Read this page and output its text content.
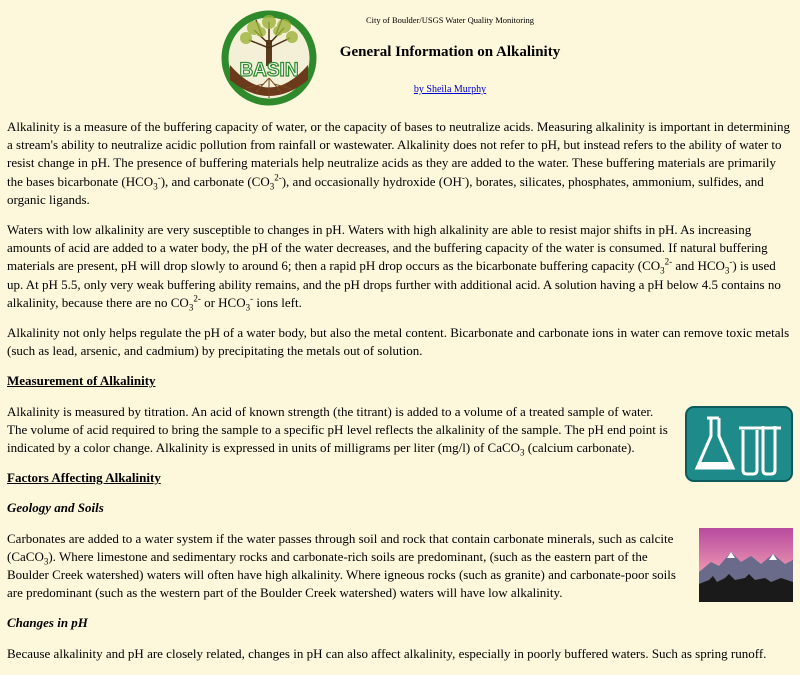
BASIN
City of Boulder/USGS Water Quality Monitoring
General Information on Alkalinity
by Sheila Murphy

Alkalinity is a measure of the buffering capacity of water, or the capacity of bases to neutralize acids. Measuring alkalinity is important in determining a stream's ability to neutralize acidic pollution from rainfall or wastewater. Alkalinity does not refer to pH, but instead refers to the ability of water to resist change in pH. The presence of buffering materials help neutralize acids as they are added to the water. These buffering materials are primarily the bases bicarbonate $(HCO_3^-)$, and carbonate $(CO_3^{2-})$, and occasionally hydroxide (OH-), borates, silicates, phosphates, ammonium, sulfides, and organic ligands.

Waters with low alkalinity are very susceptible to changes in pH. Waters with high alkalinity are able to resist major shifts in pH. As increasing amounts of acid are added to a water body, the pH of the water decreases, and the buffering capacity of the water is consumed. If natural buffering materials are present, pH will drop slowly to around 6; then a rapid pH drop occurs as the bicarbonate buffering capacity ($CO_3^{2-}$ and $HCO_3^-$) is used up. At pH 5.5, only very weak buffering ability remains, and the pH drops further with additional acid. A solution having a pH below 4.5 contains no alkalinity, because there are no $CO_3^{2-}$ or $HCO_3^-$ ions left.

Alkalinity not only helps regulate the pH of a water body, but also the metal content. Bicarbonate and carbonate ions in water can remove toxic metals (such as lead, arsenic, and cadmium) by precipitating the metals out of solution.

Measurement of Alkalinity

Alkalinity is measured by titration. An acid of known strength (the titrant) is added to a volume of a treated sample of water. The volume of acid required to bring the sample to a specific pH level reflects the alkalinity of the sample. The pH end point is indicated by a color change. Alkalinity is expressed in units of milligrams per liter (mg/l) of CaCO$_3$ (calcium carbonate).

Factors Affecting Alkalinity
Geology and Soils

Carbonates are added to a water system if the water passes through soil and rock that contain carbonate minerals, such as calcite (CaCO$_3$). Where limestone and sedimentary rocks and carbonate-rich soils are predominant, (such as the eastern part of the Boulder Creek watershed) waters will often have high alkalinity. Where igneous rocks (such as granite) and carbonate-poor soils are predominant (such as the western part of the Boulder Creek watershed) waters will have low alkalinity.

Changes in pH

Because alkalinity and pH are closely related, changes in pH can also affect alkalinity, especially in poorly buffered waters. Such as spring runoff.
